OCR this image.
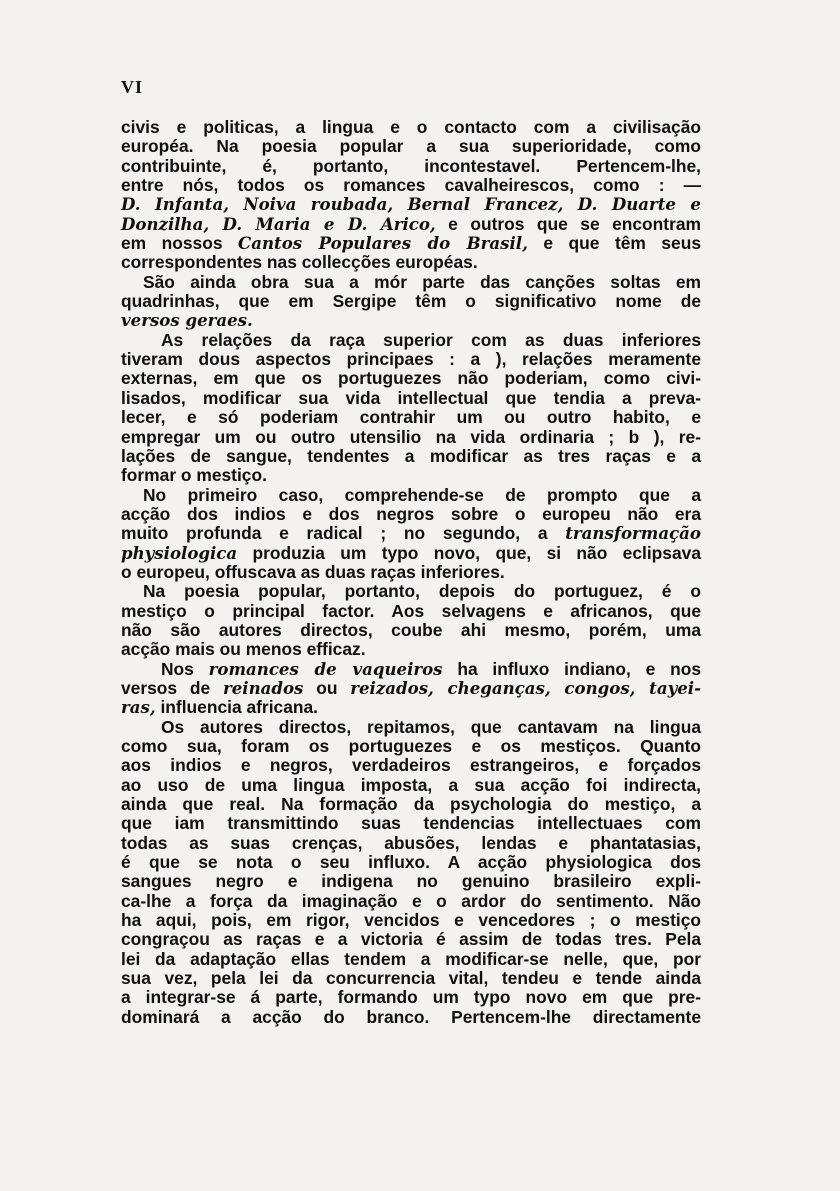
VI
civis e politicas, a lingua e o contacto com a civilisação
européa. Na poesia popular a sua superioridade, como
contribuinte, é, portanto, incontestavel. Pertencem-lhe,
entre nós, todos os romances cavalheirescos, como : —
D. Infanta, Noiva roubada, Bernal Francez, D. Duarte e
Donzilha, D. Maria e D. Arico, e outros que se encontram
em nossos Cantos Populares do Brasil, e que têm seus
correspondentes nas collecções européas.
São ainda obra sua a mór parte das canções soltas em
quadrinhas, que em Sergipe têm o significativo nome de
versos geraes.
As relações da raça superior com as duas inferiores
tiveram dous aspectos principaes : a ), relações meramente
externas, em que os portuguezes não poderiam, como civi-
lisados, modificar sua vida intellectual que tendia a preva-
lecer, e só poderiam contrahir um ou outro habito, e
empregar um ou outro utensilio na vida ordinaria ; b ), re-
lações de sangue, tendentes a modificar as tres raças e a
formar o mestiço.
No primeiro caso, comprehende-se de prompto que a
acção dos indios e dos negros sobre o europeu não era
muito profunda e radical ; no segundo, a transformação
physiologica produzia um typo novo, que, si não eclipsava
o europeu, offuscava as duas raças inferiores.
Na poesia popular, portanto, depois do portuguez, é o
mestiço o principal factor. Aos selvagens e africanos, que
não são autores directos, coube ahi mesmo, porém, uma
acção mais ou menos efficaz.
Nos romances de vaqueiros ha influxo indiano, e nos
versos de reinados ou reizados, cheganças, congos, tayei-
ras, influencia africana.
Os autores directos, repitamos, que cantavam na lingua
como sua, foram os portuguezes e os mestiços. Quanto
aos indios e negros, verdadeiros estrangeiros, e forçados
ao uso de uma lingua imposta, a sua acção foi indirecta,
ainda que real. Na formação da psychologia do mestiço, a
que iam transmittindo suas tendencias intellectuaes com
todas as suas crenças, abusões, lendas e phantatasias,
é que se nota o seu influxo. A acção physiologica dos
sangues negro e indigena no genuino brasileiro expli-
ca-lhe a força da imaginação e o ardor do sentimento. Não
ha aqui, pois, em rigor, vencidos e vencedores ; o mestiço
congraçou as raças e a victoria é assim de todas tres. Pela
lei da adaptação ellas tendem a modificar-se nelle, que, por
sua vez, pela lei da concurrencia vital, tendeu e tende ainda
a integrar-se á parte, formando um typo novo em que pre-
dominará a acção do branco. Pertencem-lhe directamente
